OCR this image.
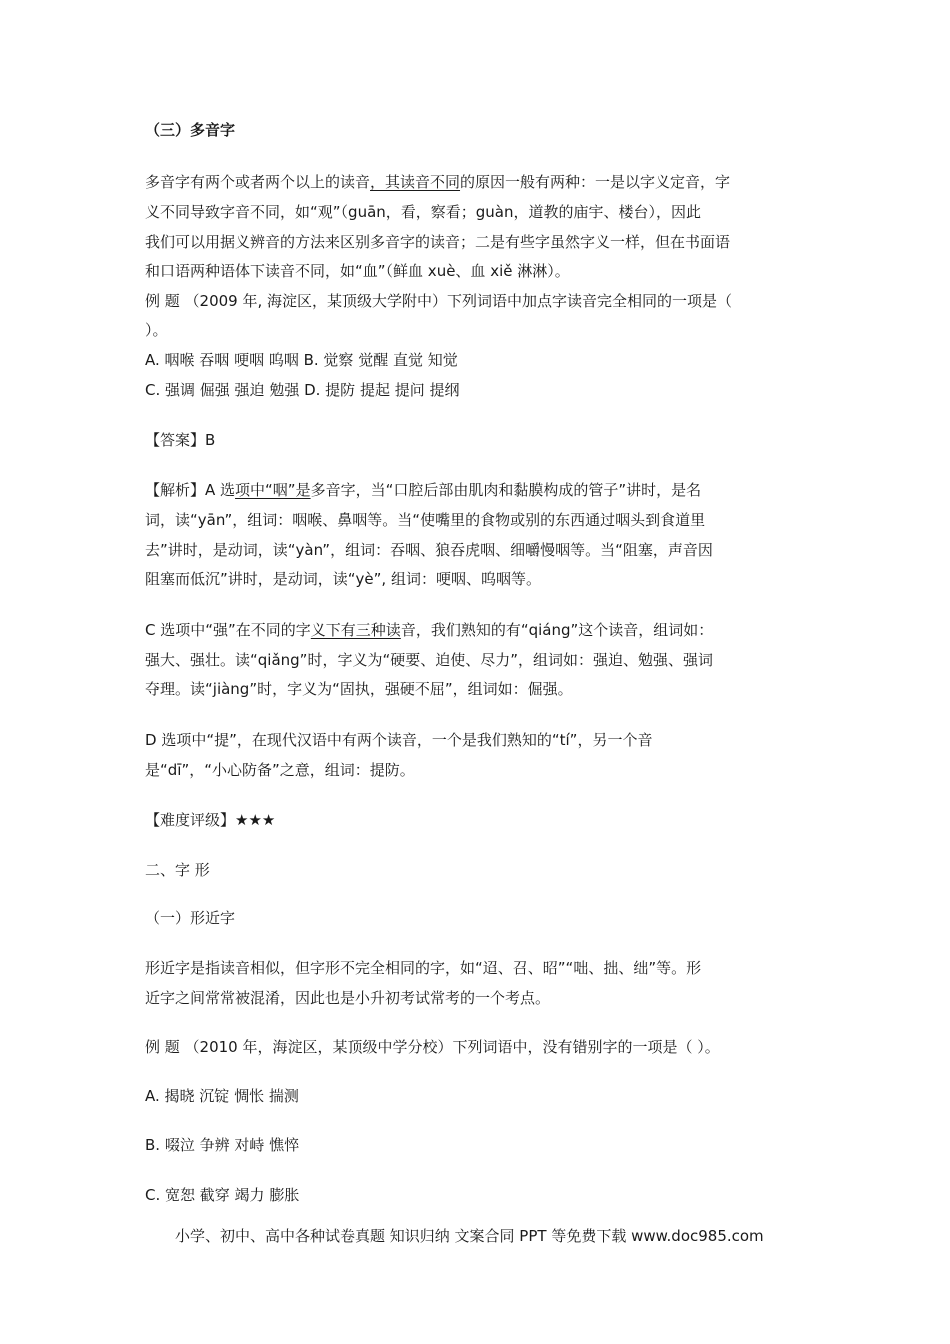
（三）多音字
多音字有两个或者两个以上的读音，其读音不同的原因一般有两种：一是以字义定音，字
义不同导致字音不同，如“观”（guān，看，察看；guàn，道教的庙宇、楼台），因此
我们可以用据义辨音的方法来区别多音字的读音；二是有些字虽然字义一样，但在书面语
和口语两种语体下读音不同，如“血”（鲜血 xuè、血 xiě 淋淋）。
例 题 （2009 年, 海淀区，某顶级大学附中）下列词语中加点字读音完全相同的一项是（
）。
A. 咽喉 吞咽 哽咽 呜咽 B. 觉察 觉醒 直觉 知觉
C. 强调 倔强 强迫 勉强 D. 提防 提起 提问 提纲
【答案】B
【解析】A 选项中“咽”是多音字，当“口腔后部由肌肉和黏膜构成的管子”讲时，是名
词，读“yān”，组词：咽喉、鼻咽等。当“使嘴里的食物或别的东西通过咽头到食道里
去”讲时，是动词，读“yàn”，组词：吞咽、狼吞虎咽、细嚼慢咽等。当“阻塞，声音因
阻塞而低沉”讲时，是动词，读“yè”, 组词：哽咽、呜咽等。
C 选项中“强”在不同的字义下有三种读音，我们熟知的有“qiáng”这个读音，组词如：
强大、强壮。读“qiǎng”时，字义为“硬要、迫使、尽力”，组词如：强迫、勉强、强词
夺理。读“jiàng”时，字义为“固执，强硬不屈”，组词如：倔强。
D 选项中“提”，在现代汉语中有两个读音，一个是我们熟知的“tí”，另一个音
是“dī”，“小心防备”之意，组词：提防。
【难度评级】★★★
二、字 形
（一）形近字
形近字是指读音相似，但字形不完全相同的字，如“迢、召、昭”“咄、拙、绌”等。形
近字之间常常被混淆，因此也是小升初考试常考的一个考点。
例 题 （2010 年，海淀区，某顶级中学分校）下列词语中，没有错别字的一项是（ ）。
A. 揭晓 沉锭 惆怅 揣测
B. 啜泣 争辨 对峙 憔悴
C. 宽恕 截穿 竭力 膨胀
小学、初中、高中各种试卷真题 知识归纳 文案合同 PPT 等免费下载 www.doc985.com
